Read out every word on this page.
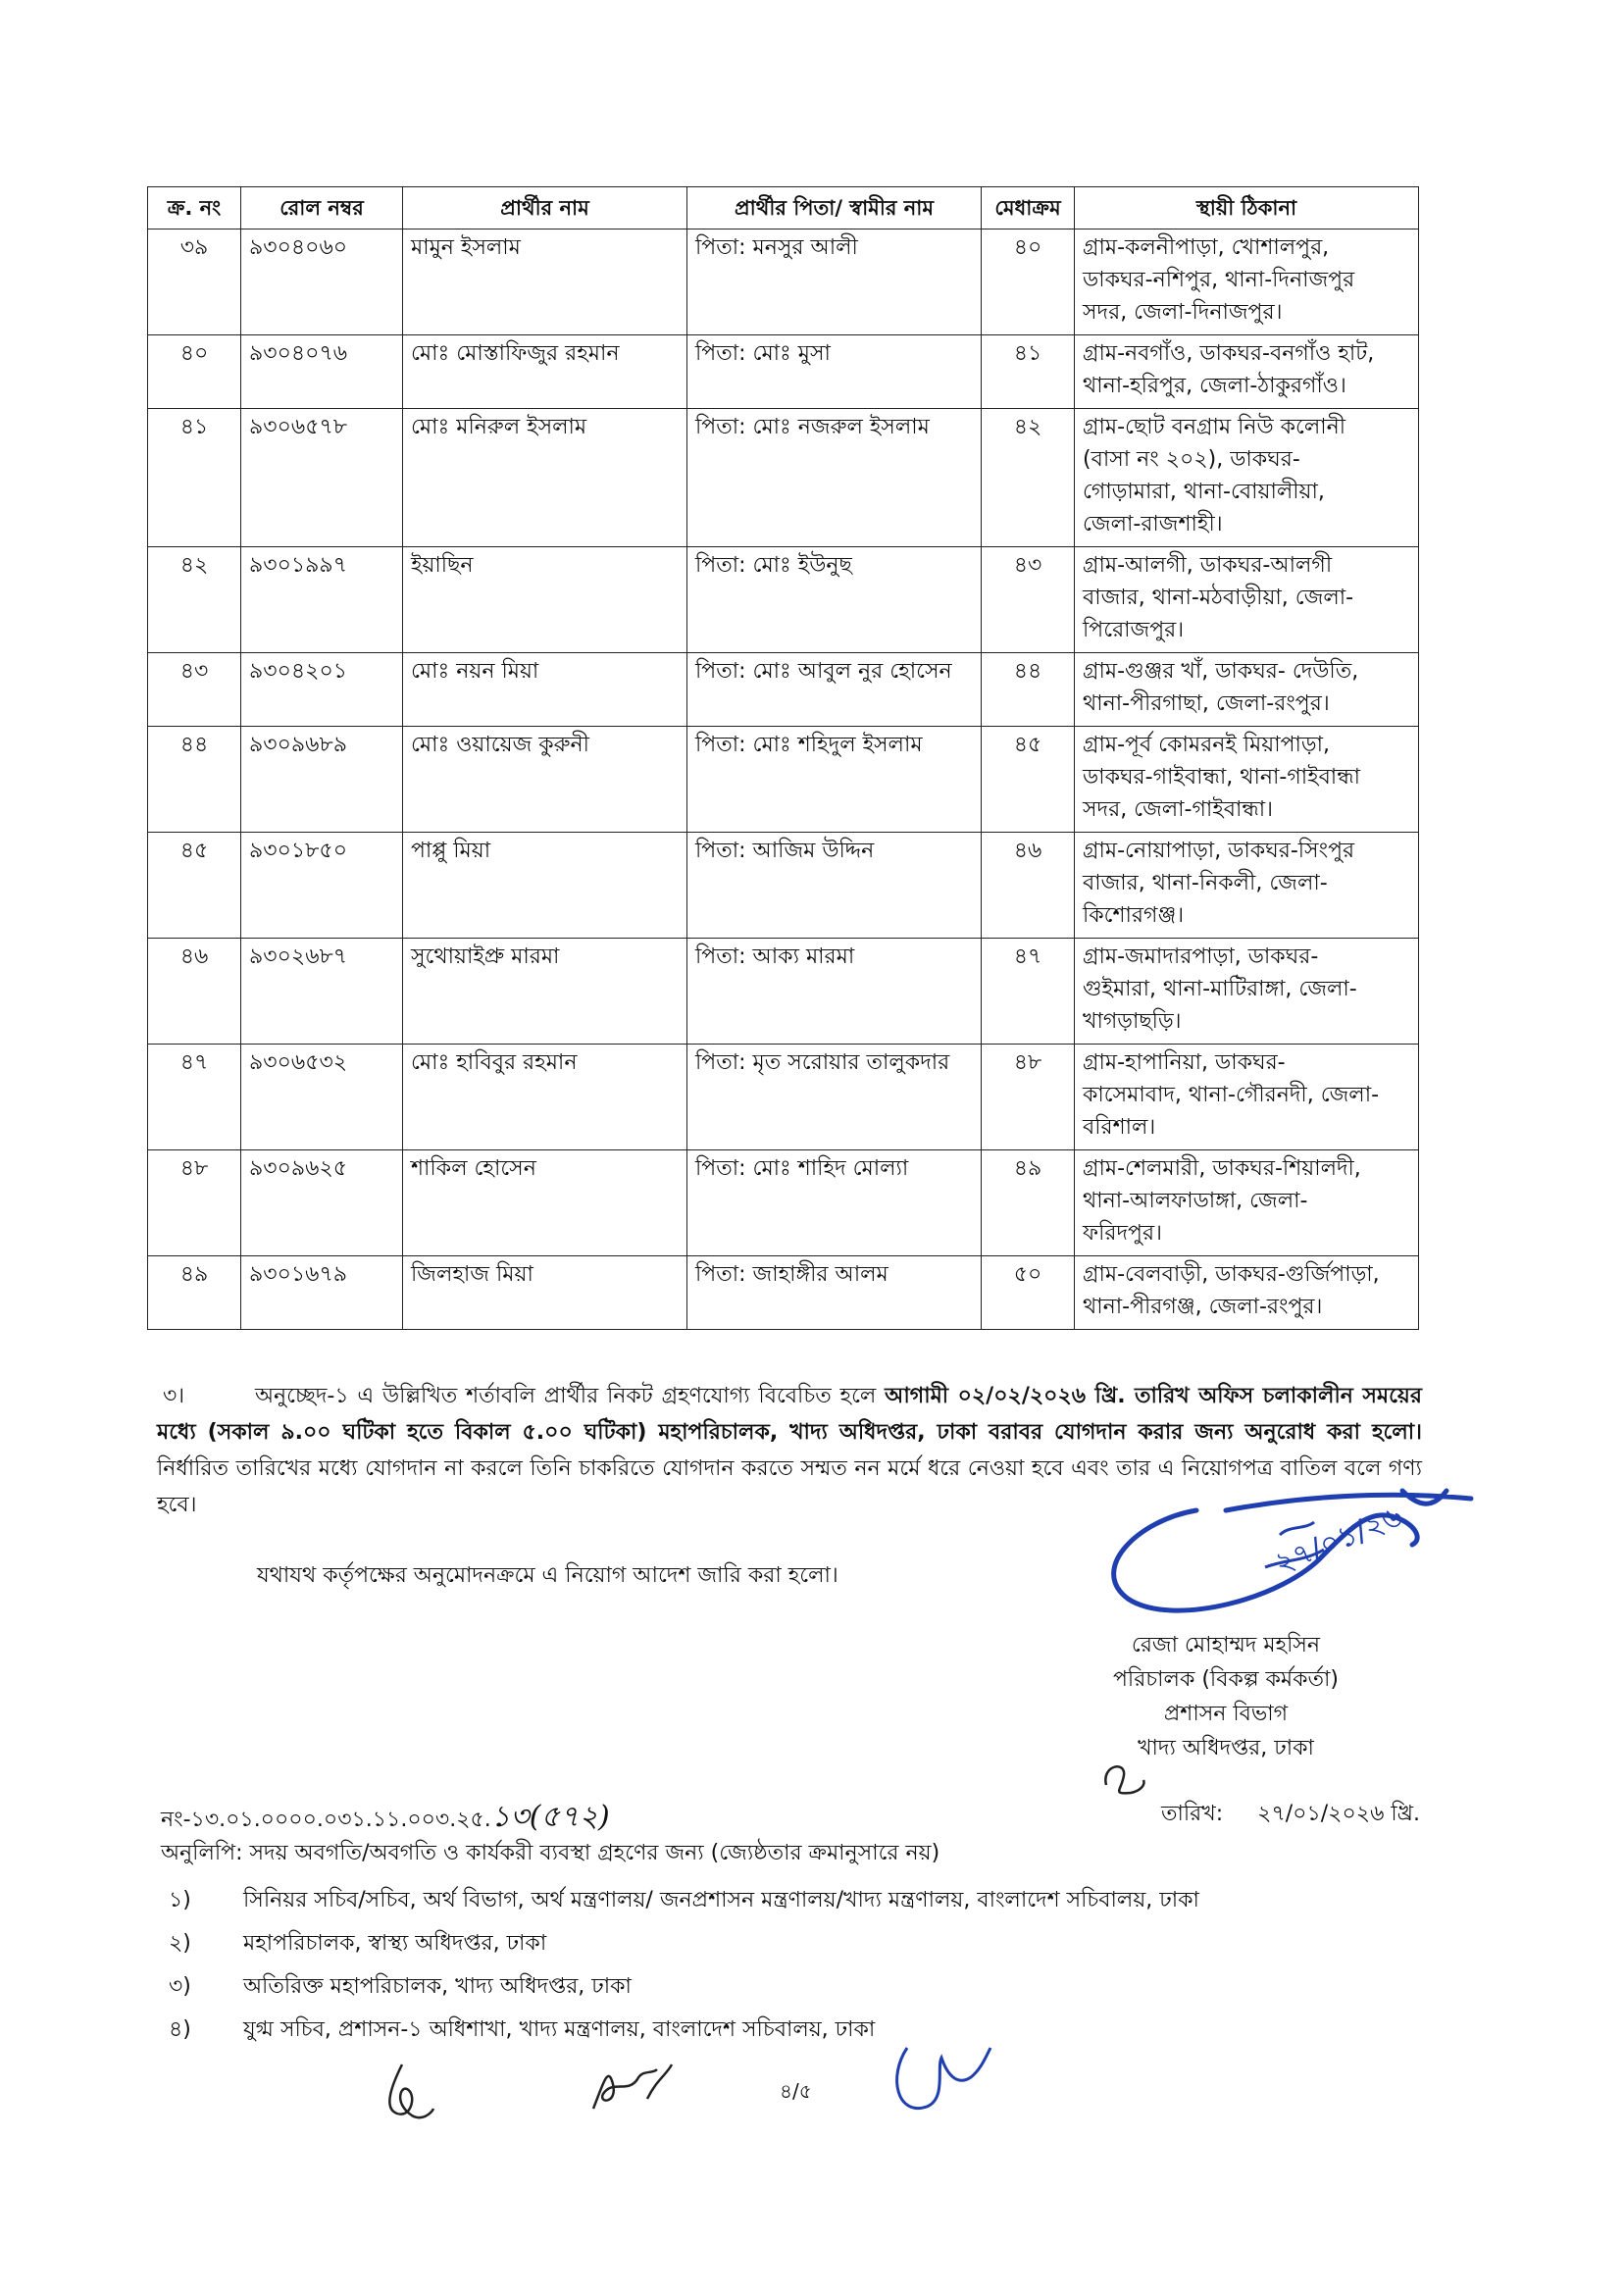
ক্র. নং	রোল নম্বর	প্রার্থীর নাম	প্রার্থীর পিতা/ স্বামীর নাম	মেধাক্রম	স্থায়ী ঠিকানা
৩৯	৯৩০৪০৬০	মামুন ইসলাম	পিতা: মনসুর আলী	৪০	গ্রাম-কলনীপাড়া, খোশালপুর,
ডাকঘর-নশিপুর, থানা-দিনাজপুর
সদর, জেলা-দিনাজপুর।

৪০	৯৩০৪০৭৬	মোঃ মোস্তাফিজুর রহমান	পিতা: মোঃ মুসা	৪১	গ্রাম-নবগাঁও, ডাকঘর-বনগাঁও হাট,
থানা-হরিপুর, জেলা-ঠাকুরগাঁও।

৪১	৯৩০৬৫৭৮	মোঃ মনিরুল ইসলাম	পিতা: মোঃ নজরুল ইসলাম	৪২	গ্রাম-ছোট বনগ্রাম নিউ কলোনী
(বাসা নং ২০২), ডাকঘর-
গোড়ামারা, থানা-বোয়ালীয়া,
জেলা-রাজশাহী।

৪২	৯৩০১৯৯৭	ইয়াছিন	পিতা: মোঃ ইউনুছ	৪৩	গ্রাম-আলগী, ডাকঘর-আলগী
বাজার, থানা-মঠবাড়ীয়া, জেলা-
পিরোজপুর।

৪৩	৯৩০৪২০১	মোঃ নয়ন মিয়া	পিতা: মোঃ আবুল নুর হোসেন	৪৪	গ্রাম-গুঞ্জর খাঁ, ডাকঘর- দেউতি,
থানা-পীরগাছা, জেলা-রংপুর।

৪৪	৯৩০৯৬৮৯	মোঃ ওয়ায়েজ কুরুনী	পিতা: মোঃ শহিদুল ইসলাম	৪৫	গ্রাম-পূর্ব কোমরনই মিয়াপাড়া,
ডাকঘর-গাইবান্ধা, থানা-গাইবান্ধা
সদর, জেলা-গাইবান্ধা।

৪৫	৯৩০১৮৫০	পাপ্পু মিয়া	পিতা: আজিম উদ্দিন	৪৬	গ্রাম-নোয়াপাড়া, ডাকঘর-সিংপুর
বাজার, থানা-নিকলী, জেলা-
কিশোরগঞ্জ।

৪৬	৯৩০২৬৮৭	সুথোয়াইপ্রু মারমা	পিতা: আক্য মারমা	৪৭	গ্রাম-জমাদারপাড়া, ডাকঘর-
গুইমারা, থানা-মাটিরাঙ্গা, জেলা-
খাগড়াছড়ি।

৪৭	৯৩০৬৫৩২	মোঃ হাবিবুর রহমান	পিতা: মৃত সরোয়ার তালুকদার	৪৮	গ্রাম-হাপানিয়া, ডাকঘর-
কাসেমাবাদ, থানা-গৌরনদী, জেলা-
বরিশাল।

৪৮	৯৩০৯৬২৫	শাকিল হোসেন	পিতা: মোঃ শাহিদ মোল্যা	৪৯	গ্রাম-শেলমারী, ডাকঘর-শিয়ালদী,
থানা-আলফাডাঙ্গা, জেলা-
ফরিদপুর।

৪৯	৯৩০১৬৭৯	জিলহাজ মিয়া	পিতা: জাহাঙ্গীর আলম	৫০	গ্রাম-বেলবাড়ী, ডাকঘর-গুর্জিপাড়া,
থানা-পীরগঞ্জ, জেলা-রংপুর।

৩।	অনুচ্ছেদ-১ এ উল্লিখিত শর্তাবলি প্রার্থীর নিকট গ্রহণযোগ্য বিবেচিত হলে আগামী ০২/০২/২০২৬ খ্রি. তারিখ অফিস চলাকালীন সময়ের মধ্যে (সকাল ৯.০০ ঘটিকা হতে বিকাল ৫.০০ ঘটিকা) মহাপরিচালক, খাদ্য অধিদপ্তর, ঢাকা বরাবর যোগদান করার জন্য অনুরোধ করা হলো। নির্ধারিত তারিখের মধ্যে যোগদান না করলে তিনি চাকরিতে যোগদান করতে সম্মত নন মর্মে ধরে নেওয়া হবে এবং তার এ নিয়োগপত্র বাতিল বলে গণ্য হবে।

যথাযথ কর্তৃপক্ষের অনুমোদনক্রমে এ নিয়োগ আদেশ জারি করা হলো।	২৭/০১/২৬
রেজা মোহাম্মদ মহসিন
পরিচালক (বিকল্প কর্মকর্তা)
প্রশাসন বিভাগ
খাদ্য অধিদপ্তর, ঢাকা
নং-১৩.০১.০০০০.০৩১.১১.০০৩.২৫.১৩(৫৭২)	তারিখ: ২৭/০১/২০২৬ খ্রি.
অনুলিপি: সদয় অবগতি/অবগতি ও কার্যকরী ব্যবস্থা গ্রহণের জন্য (জ্যেষ্ঠতার ক্রমানুসারে নয়)
১) সিনিয়র সচিব/সচিব, অর্থ বিভাগ, অর্থ মন্ত্রণালয়/ জনপ্রশাসন মন্ত্রণালয়/খাদ্য মন্ত্রণালয়, বাংলাদেশ সচিবালয়, ঢাকা
২) মহাপরিচালক, স্বাস্থ্য অধিদপ্তর, ঢাকা
৩) অতিরিক্ত মহাপরিচালক, খাদ্য অধিদপ্তর, ঢাকা
৪) যুগ্ম সচিব, প্রশাসন-১ অধিশাখা, খাদ্য মন্ত্রণালয়, বাংলাদেশ সচিবালয়, ঢাকা
৪/৫
